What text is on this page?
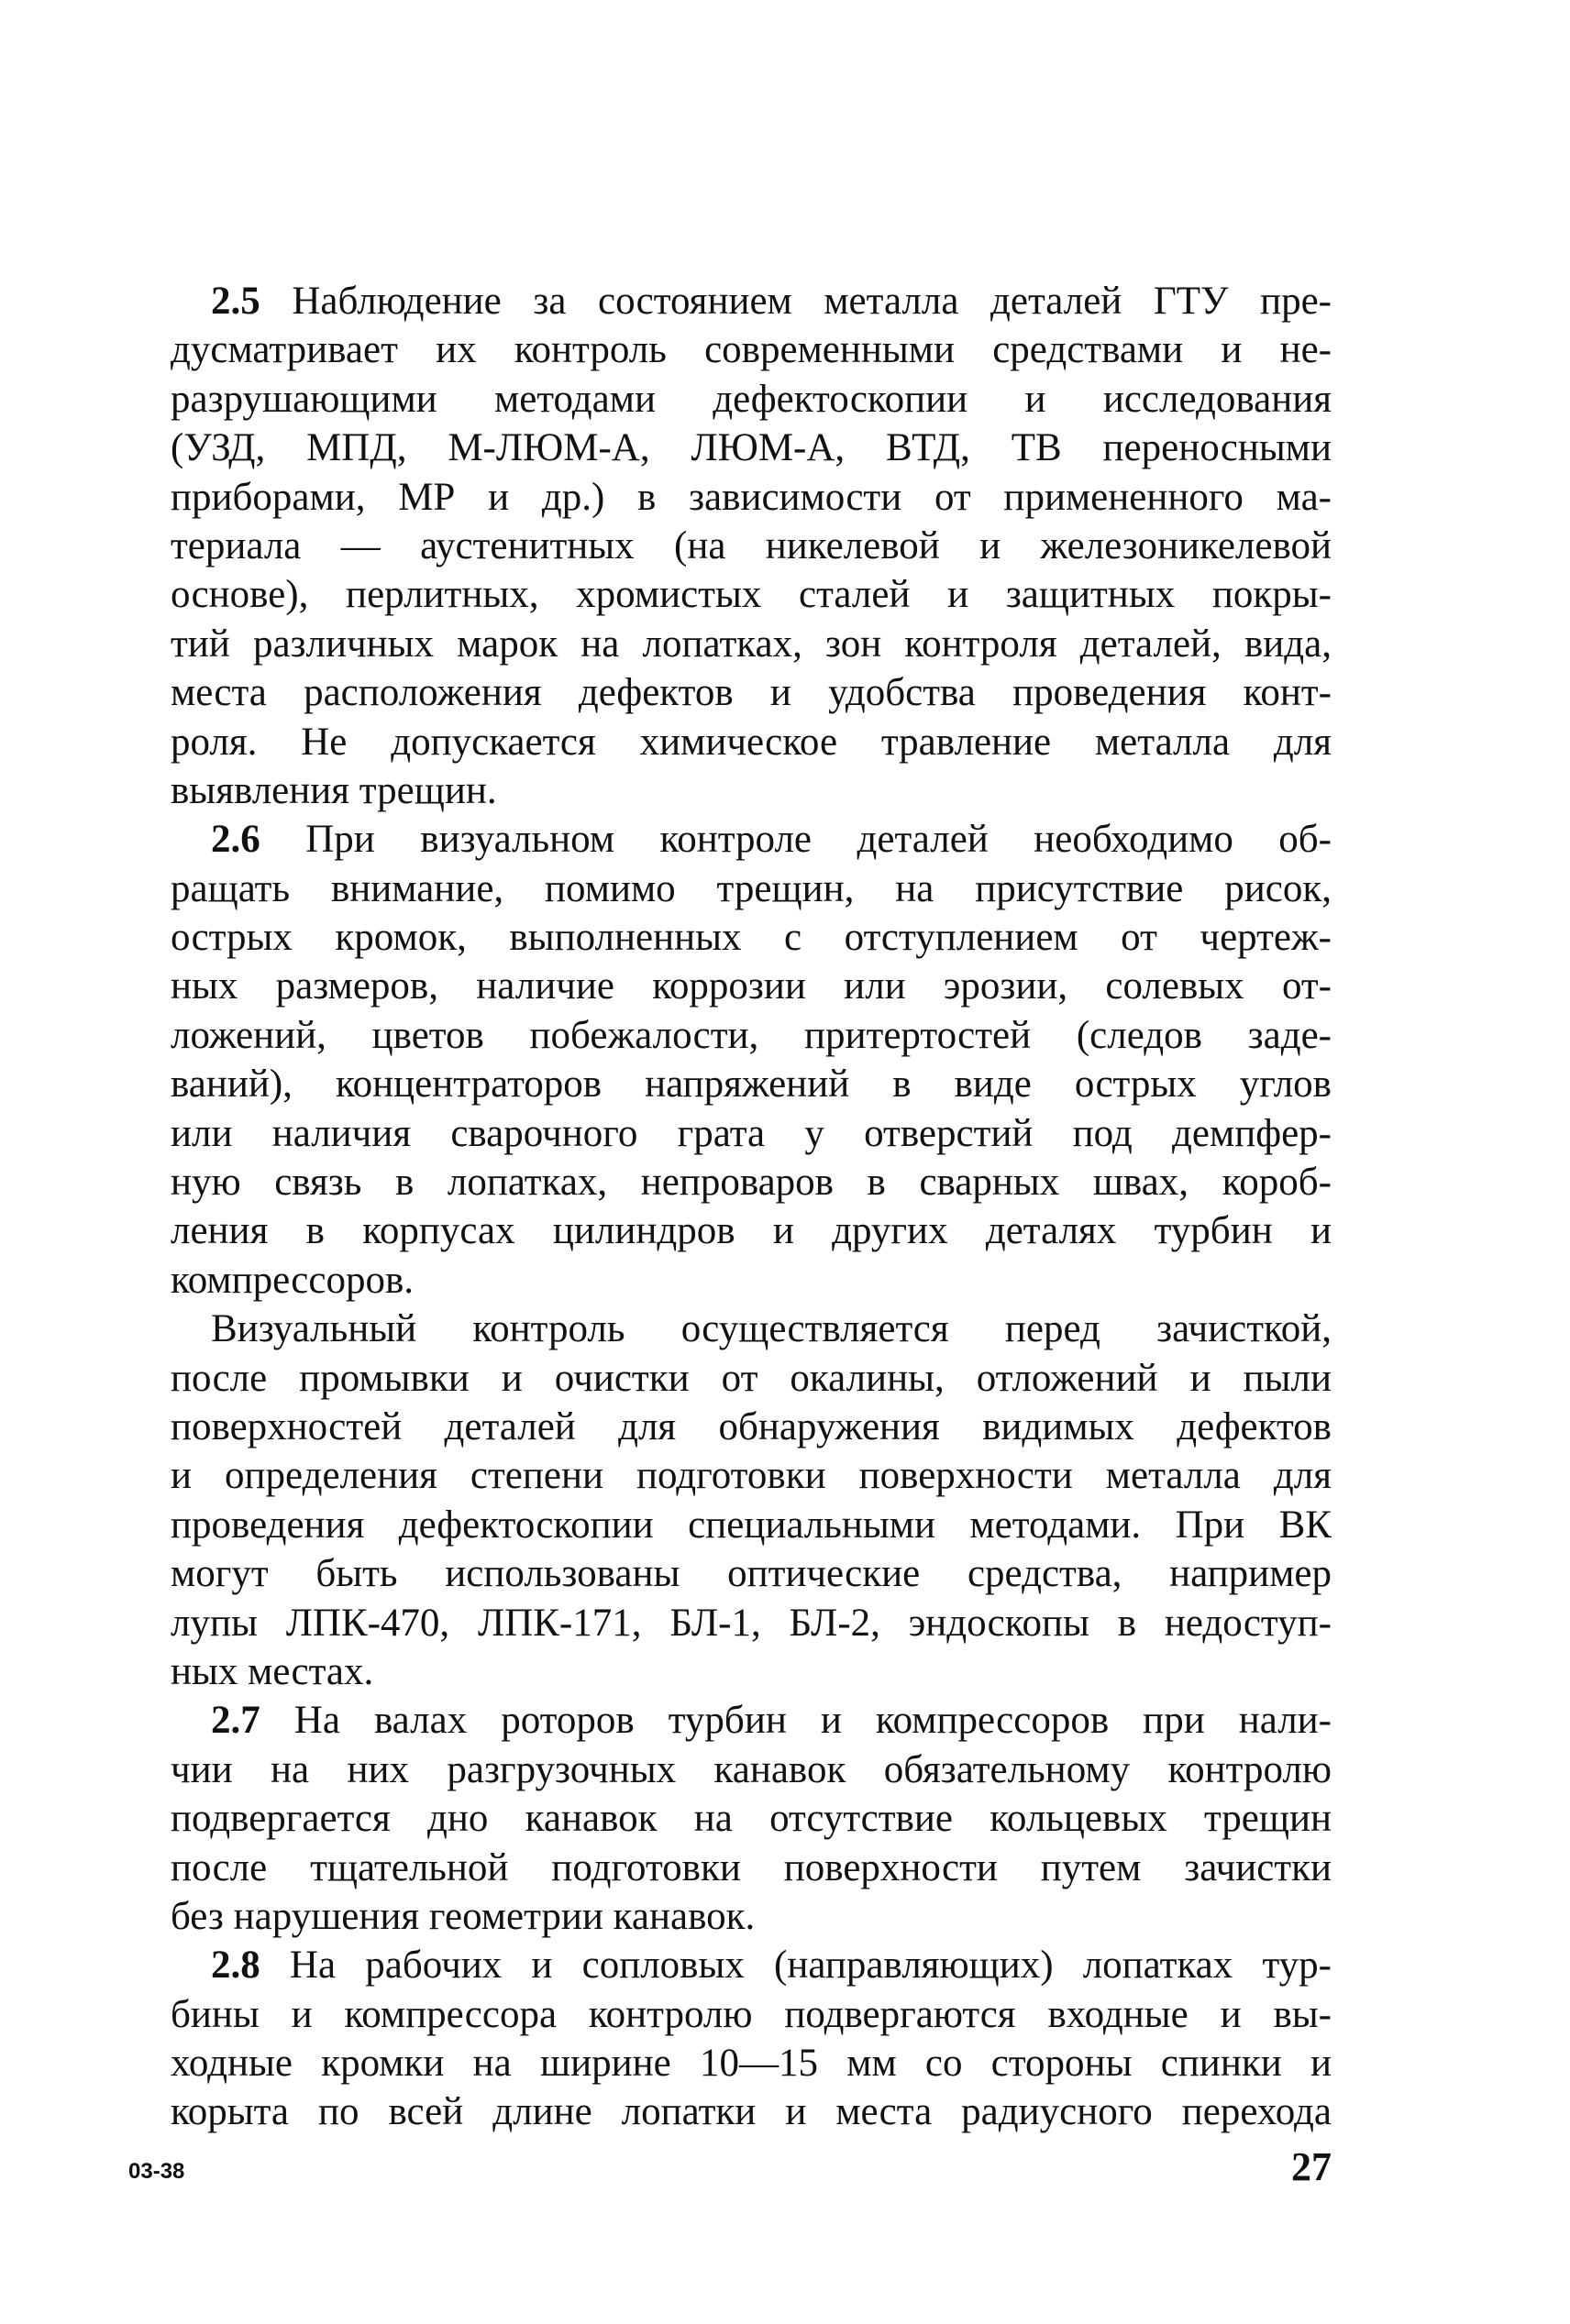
2.5 Наблюдение за состоянием металла деталей ГТУ пре-
дусматривает их контроль современными средствами и не-
разрушающими методами дефектоскопии и исследования
(УЗД, МПД, М-ЛЮМ-А, ЛЮМ-А, ВТД, ТВ переносными
приборами, МР и др.) в зависимости от примененного ма-
териала — аустенитных (на никелевой и железоникелевой
основе), перлитных, хромистых сталей и защитных покры-
тий различных марок на лопатках, зон контроля деталей, вида,
места расположения дефектов и удобства проведения конт-
роля. Не допускается химическое травление металла для
выявления трещин.
2.6 При визуальном контроле деталей необходимо об-
ращать внимание, помимо трещин, на присутствие рисок,
острых кромок, выполненных с отступлением от чертеж-
ных размеров, наличие коррозии или эрозии, солевых от-
ложений, цветов побежалости, притертостей (следов заде-
ваний), концентраторов напряжений в виде острых углов
или наличия сварочного грата у отверстий под демпфер-
ную связь в лопатках, непроваров в сварных швах, короб-
ления в корпусах цилиндров и других деталях турбин и
компрессоров.
Визуальный контроль осуществляется перед зачисткой,
после промывки и очистки от окалины, отложений и пыли
поверхностей деталей для обнаружения видимых дефектов
и определения степени подготовки поверхности металла для
проведения дефектоскопии специальными методами. При ВК
могут быть использованы оптические средства, например
лупы ЛПК-470, ЛПК-171, БЛ-1, БЛ-2, эндоскопы в недоступ-
ных местах.
2.7 На валах роторов турбин и компрессоров при нали-
чии на них разгрузочных канавок обязательному контролю
подвергается дно канавок на отсутствие кольцевых трещин
после тщательной подготовки поверхности путем зачистки
без нарушения геометрии канавок.
2.8 На рабочих и сопловых (направляющих) лопатках тур-
бины и компрессора контролю подвергаются входные и вы-
ходные кромки на ширине 10—15 мм со стороны спинки и
корыта по всей длине лопатки и места радиусного перехода
03-38	27
